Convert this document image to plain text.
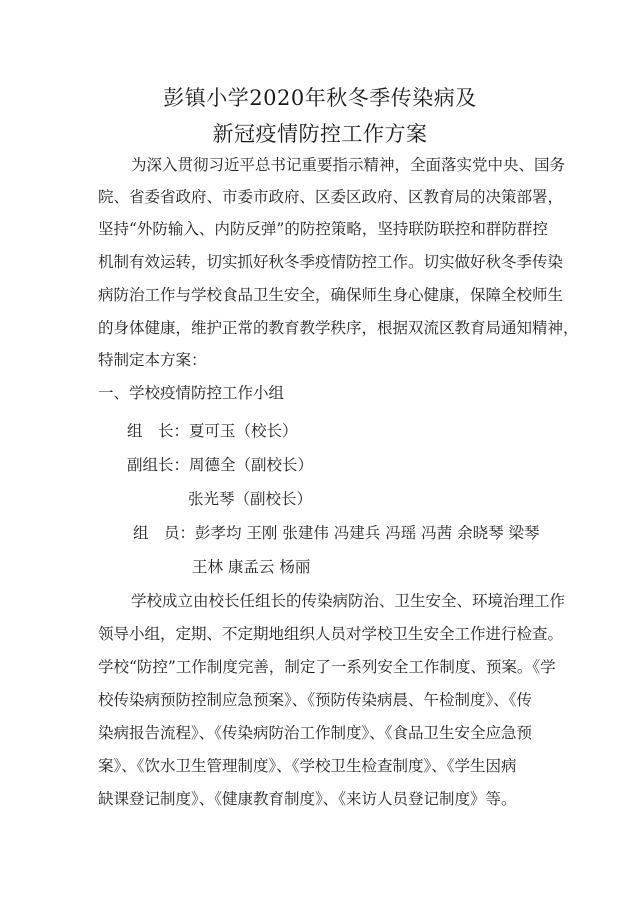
彭镇小学2020年秋冬季传染病及
新冠疫情防控工作方案
为深入贯彻习近平总书记重要指示精神，全面落实党中央、国务
院、省委省政府、市委市政府、区委区政府、区教育局的决策部署，
坚持“外防输入、内防反弹”的防控策略，坚持联防联控和群防群控
机制有效运转，切实抓好秋冬季疫情防控工作。切实做好秋冬季传染
病防治工作与学校食品卫生安全，确保师生身心健康，保障全校师生
的身体健康，维护正常的教育教学秩序，根据双流区教育局通知精神，
特制定本方案：
一、学校疫情防控工作小组
组　长：夏可玉（校长）
副组长：周德全（副校长）
张光琴（副校长）
组　员：彭孝均 王刚 张建伟 冯建兵 冯瑶 冯茜 余晓琴 梁琴
王林 康孟云 杨丽
学校成立由校长任组长的传染病防治、卫生安全、环境治理工作
领导小组，定期、不定期地组织人员对学校卫生安全工作进行检查。
学校“防控”工作制度完善，制定了一系列安全工作制度、预案。《学
校传染病预防控制应急预案》、《预防传染病晨、午检制度》、《传
染病报告流程》、《传染病防治工作制度》、《食品卫生安全应急预
案》、《饮水卫生管理制度》、《学校卫生检查制度》、《学生因病
缺课登记制度》、《健康教育制度》、《来访人员登记制度》等。
